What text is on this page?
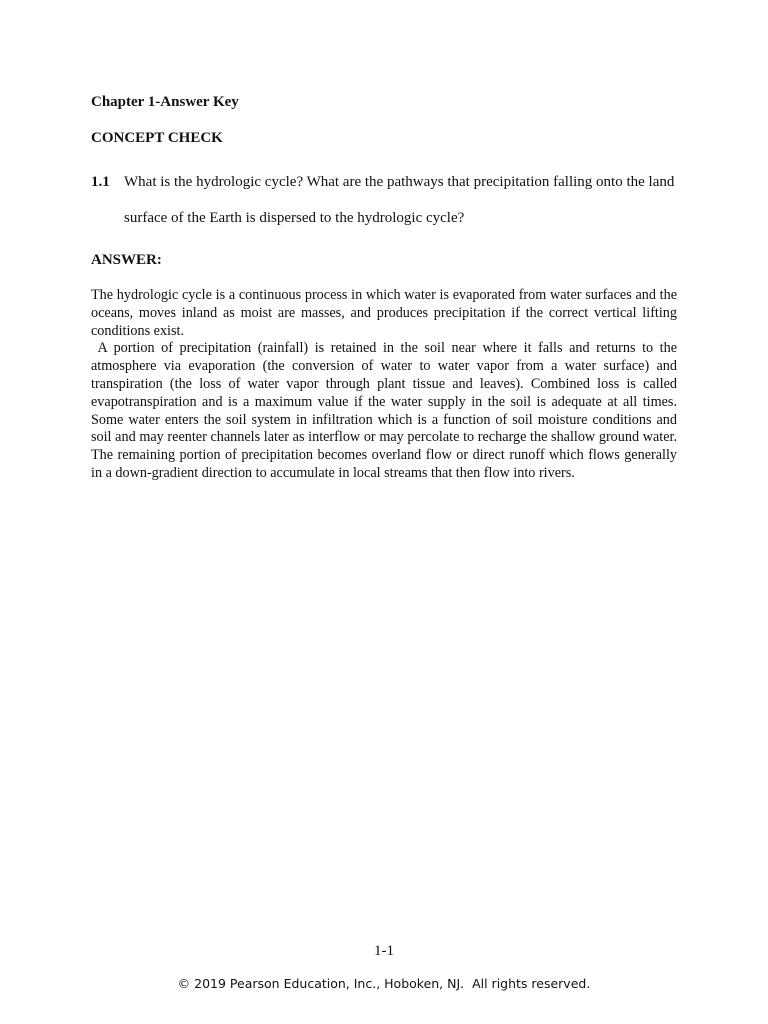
Chapter 1-Answer Key
CONCEPT CHECK
1.1 What is the hydrologic cycle? What are the pathways that precipitation falling onto the land
surface of the Earth is dispersed to the hydrologic cycle?
ANSWER:

The hydrologic cycle is a continuous process in which water is evaporated from water surfaces and the oceans, moves inland as moist are masses, and produces precipitation if the correct vertical lifting conditions exist.

A portion of precipitation (rainfall) is retained in the soil near where it falls and returns to the atmosphere via evaporation (the conversion of water to water vapor from a water surface) and transpiration (the loss of water vapor through plant tissue and leaves). Combined loss is called evapotranspiration and is a maximum value if the water supply in the soil is adequate at all times. Some water enters the soil system in infiltration which is a function of soil moisture conditions and soil and may reenter channels later as interflow or may percolate to recharge the shallow ground water. The remaining portion of precipitation becomes overland flow or direct runoff which flows generally in a down-gradient direction to accumulate in local streams that then flow into rivers.

1-1
© 2019 Pearson Education, Inc., Hoboken, NJ.  All rights reserved.
